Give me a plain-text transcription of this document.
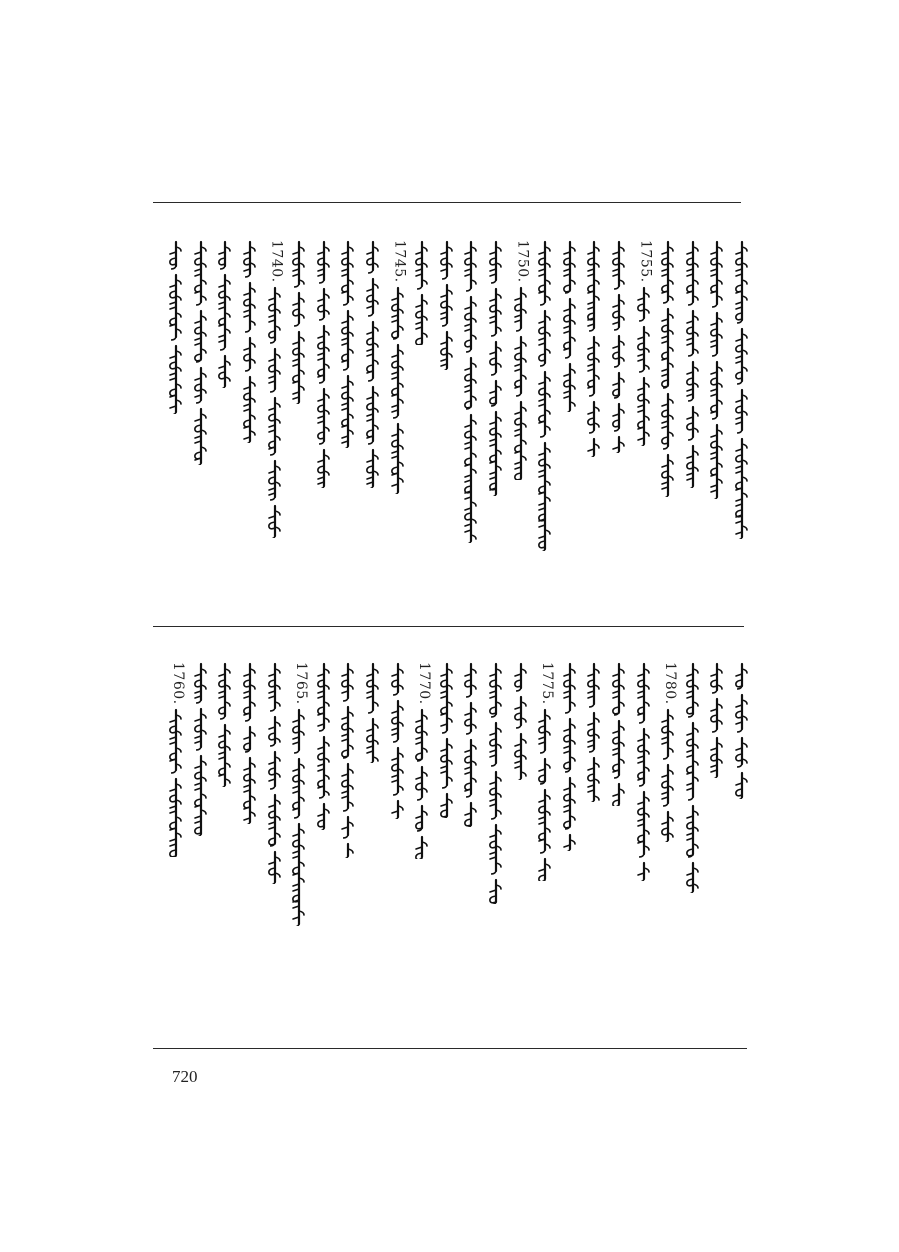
1755.
1750.
1745.
1740.
1780.
1775.
1770.
1765.
1760.
720
